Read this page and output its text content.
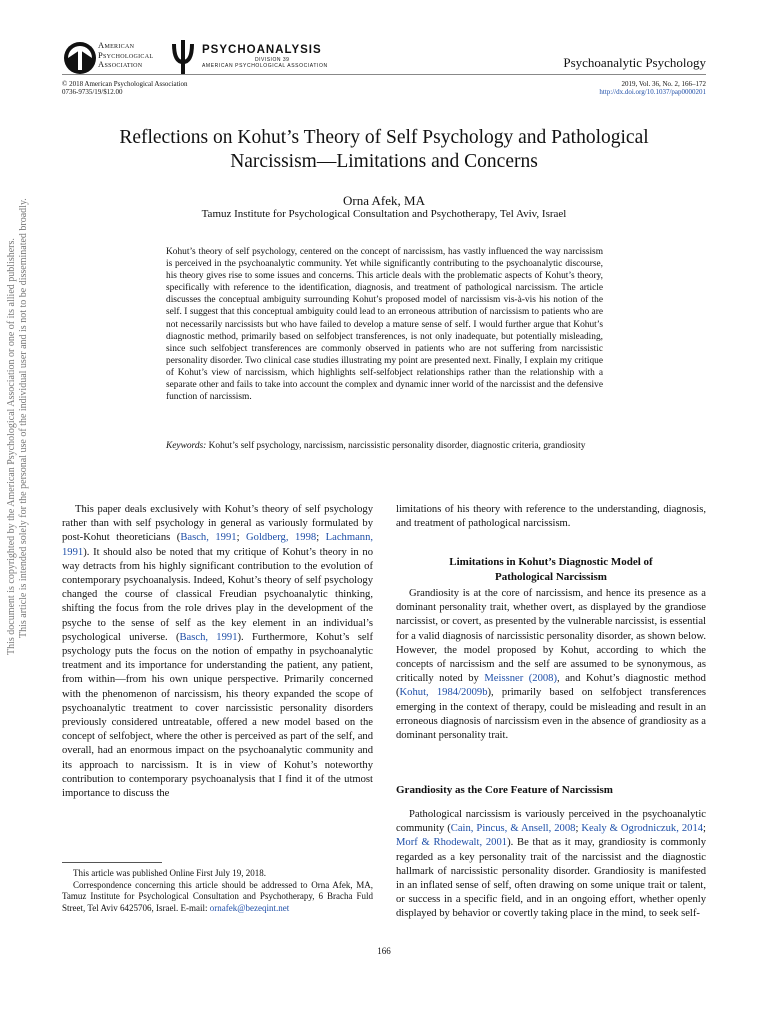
American
Psychological
Association
PSYCHOANALYSIS
DIVISION 39
AMERICAN PSYCHOLOGICAL ASSOCIATION	Psychoanalytic Psychology
© 2018 American Psychological Association
0736-9735/19/$12.00
2019, Vol. 36, No. 2, 166–172
http://dx.doi.org/10.1037/pap0000201
Reflections on Kohut’s Theory of Self Psychology and Pathological
Narcissism—Limitations and Concerns
Orna Afek, MA
Tamuz Institute for Psychological Consultation and Psychotherapy, Tel Aviv, Israel

Kohut’s theory of self psychology, centered on the concept of narcissism, has vastly influenced the way narcissism is perceived in the psychoanalytic community. Yet while significantly contributing to the psychoanalytic discourse, his theory gives rise to some issues and concerns. This article deals with the problematic aspects of Kohut’s theory, specifically with reference to the identification, diagnosis, and treatment of pathological narcissism. The article discusses the conceptual ambiguity surrounding Kohut’s proposed model of narcissism vis-à-vis his notion of the self. I suggest that this conceptual ambiguity could lead to an erroneous attribution of narcissism to patients who are not necessarily narcissists but who have failed to develop a mature sense of self. I would further argue that Kohut’s diagnostic method, primarily based on selfobject transferences, is not only inadequate, but potentially misleading, since such selfobject transferences are commonly observed in patients who are not suffering from narcissistic personality disorder. Two clinical case studies illustrating my point are presented next. Finally, I explain my critique of Kohut’s view of narcissism, which highlights self-selfobject relationships rather than the relationship with a separate other and fails to take into account the complex and dynamic inner world of the narcissist and the defensive function of narcissism.

Keywords: Kohut’s self psychology, narcissism, narcissistic personality disorder, diagnostic criteria, grandiosity

This paper deals exclusively with Kohut’s theory of self psychology rather than with self psychology in general as variously formulated by post-Kohut theoreticians (Basch, 1991; Goldberg, 1998; Lachmann, 1991). It should also be noted that my critique of Kohut’s theory in no way detracts from his highly significant contribution to the evolution of contemporary psychoanalysis. Indeed, Kohut’s theory of self psychology changed the course of classical Freudian psychoanalytic thinking, shifting the focus from the role drives play in the development of the psyche to the sense of self as the key element in an individual’s psychological universe. (Basch, 1991). Furthermore, Kohut’s self psychology puts the focus on the notion of empathy in psychoanalytic treatment and its importance for understanding the patient, any patient, from within—from his own unique perspective. Primarily concerned with the phenomenon of narcissism, his theory expanded the scope of psychoanalytic treatment to cover narcissistic personality disorders previously considered untreatable, offered a new model based on the concept of selfobject, where the other is perceived as part of the self, and overall, had an enormous impact on the psychoanalytic community and its approach to narcissism. It is in view of Kohut’s noteworthy contribution to contemporary psychoanalysis that I find it of the utmost importance to discuss the

limitations of his theory with reference to the understanding, diagnosis, and treatment of pathological narcissism.

Limitations in Kohut’s Diagnostic Model of
Pathological Narcissism

Grandiosity is at the core of narcissism, and hence its presence as a dominant personality trait, whether overt, as displayed by the grandiose narcissist, or covert, as presented by the vulnerable narcissist, is essential for a valid diagnosis of narcissistic personality disorder, as shown below. However, the model proposed by Kohut, according to which the concepts of narcissism and the self are assumed to be synonymous, as critically noted by Meissner (2008), and Kohut’s diagnostic method (Kohut, 1984/2009b), primarily based on selfobject transferences emerging in the context of therapy, could be misleading and result in an erroneous diagnosis of narcissism even in the absence of grandiosity as a dominant personality trait.

Grandiosity as the Core Feature of Narcissism

Pathological narcissism is variously perceived in the psychoanalytic community (Cain, Pincus, & Ansell, 2008; Kealy & Ogrodniczuk, 2014; Morf & Rhodewalt, 2001). Be that as it may, grandiosity is commonly regarded as a key personality trait of the narcissist and the diagnostic hallmark of narcissistic personality disorder. Grandiosity is manifested in an inflated sense of self, often drawing on some unique trait or talent, or success in a specific field, and in an ongoing effort, whether openly displayed by behavior or covertly taking place in the mind, to seek self-

This article was published Online First July 19, 2018.

Correspondence concerning this article should be addressed to Orna Afek, MA, Tamuz Institute for Psychological Consultation and Psychotherapy, 6 Bracha Fuld Street, Tel Aviv 6425706, Israel. E-mail: ornafek@bezeqint.net

166
This document is copyrighted by the American Psychological Association or one of its allied publishers. This article is intended solely for the personal use of the individual user and is not to be disseminated broadly.
